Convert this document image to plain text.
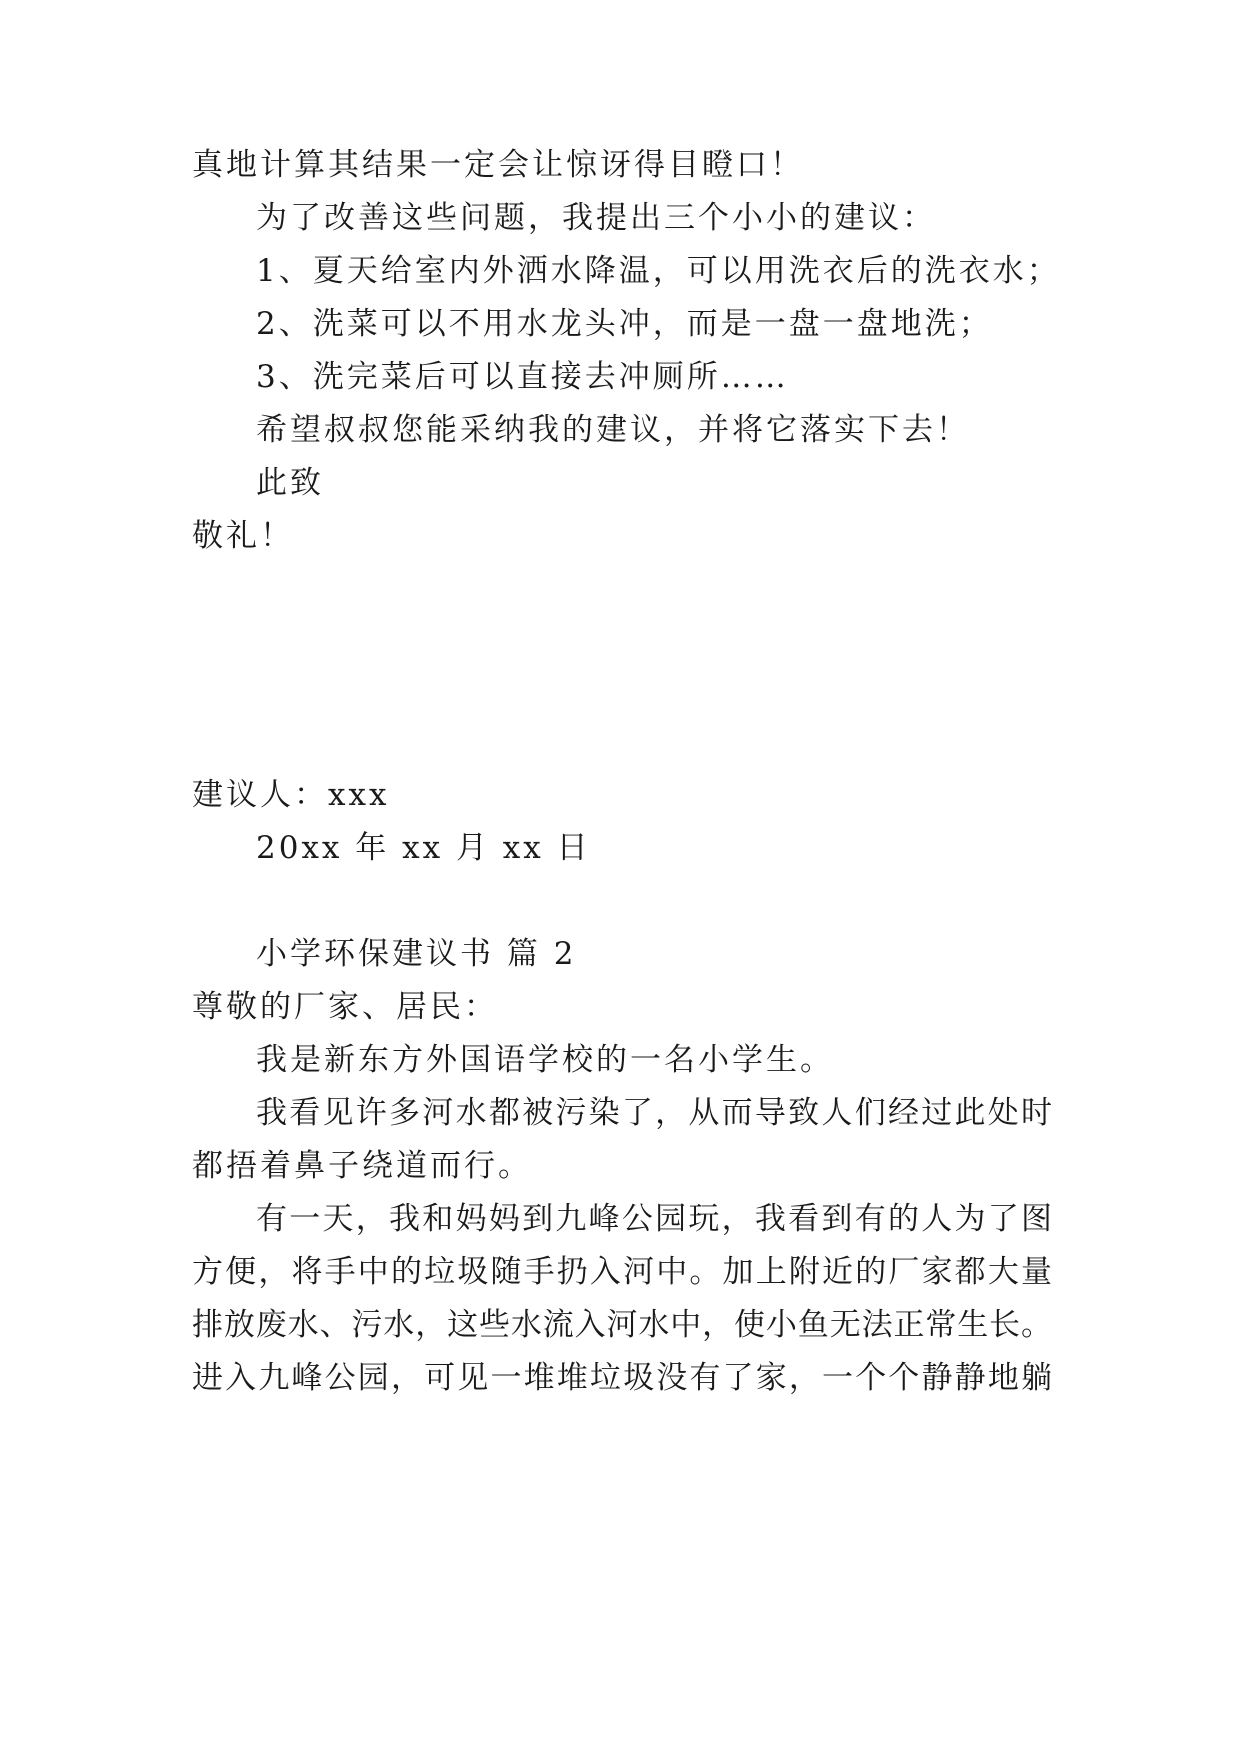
真地计算其结果一定会让惊讶得目瞪口！
为了改善这些问题，我提出三个小小的建议：
1、夏天给室内外洒水降温，可以用洗衣后的洗衣水；
2、洗菜可以不用水龙头冲，而是一盘一盘地洗；
3、洗完菜后可以直接去冲厕所……
希望叔叔您能采纳我的建议，并将它落实下去！
此致
敬礼！
建议人：xxx
20xx 年 xx 月 xx 日
小学环保建议书 篇 2
尊敬的厂家、居民：
我是新东方外国语学校的一名小学生。
我看见许多河水都被污染了，从而导致人们经过此处时
都捂着鼻子绕道而行。
有一天，我和妈妈到九峰公园玩，我看到有的人为了图
方便，将手中的垃圾随手扔入河中。加上附近的厂家都大量
排放废水、污水，这些水流入河水中，使小鱼无法正常生长。
进入九峰公园，可见一堆堆垃圾没有了家，一个个静静地躺
